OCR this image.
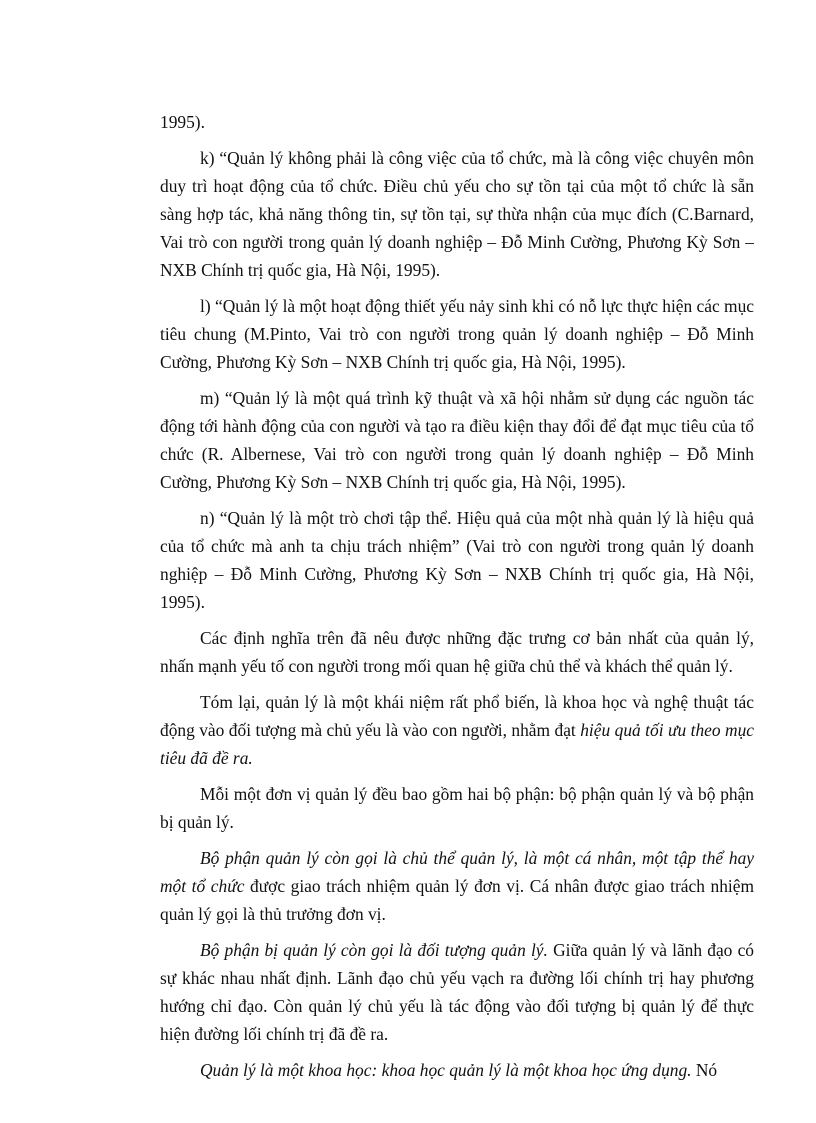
1995).

k) “Quản lý không phải là công việc của tổ chức, mà là công việc chuyên môn duy trì hoạt động của tổ chức. Điều chủ yếu cho sự tồn tại của một tổ chức là sẵn sàng hợp tác, khả năng thông tin, sự tồn tại, sự thừa nhận của mục đích (C.Barnard, Vai trò con người trong quản lý doanh nghiệp – Đỗ Minh Cường, Phương Kỳ Sơn – NXB Chính trị quốc gia, Hà Nội, 1995).

l) “Quản lý là một hoạt động thiết yếu nảy sinh khi có nỗ lực thực hiện các mục tiêu chung (M.Pinto, Vai trò con người trong quản lý doanh nghiệp – Đỗ Minh Cường, Phương Kỳ Sơn – NXB Chính trị quốc gia, Hà Nội, 1995).

m) “Quản lý là một quá trình kỹ thuật và xã hội nhằm sử dụng các nguồn tác động tới hành động của con người và tạo ra điều kiện thay đổi để đạt mục tiêu của tổ chức (R. Albernese, Vai trò con người trong quản lý doanh nghiệp – Đỗ Minh Cường, Phương Kỳ Sơn – NXB Chính trị quốc gia, Hà Nội, 1995).

n) “Quản lý là một trò chơi tập thể. Hiệu quả của một nhà quản lý là hiệu quả của tổ chức mà anh ta chịu trách nhiệm” (Vai trò con người trong quản lý doanh nghiệp – Đỗ Minh Cường, Phương Kỳ Sơn – NXB Chính trị quốc gia, Hà Nội, 1995).

Các định nghĩa trên đã nêu được những đặc trưng cơ bản nhất của quản lý, nhấn mạnh yếu tố con người trong mối quan hệ giữa chủ thể và khách thể quản lý.

Tóm lại, quản lý là một khái niệm rất phổ biến, là khoa học và nghệ thuật tác động vào đối tượng mà chủ yếu là vào con người, nhằm đạt hiệu quả tối ưu theo mục tiêu đã đề ra.

Mỗi một đơn vị quản lý đều bao gồm hai bộ phận: bộ phận quản lý và bộ phận bị quản lý.

Bộ phận quản lý còn gọi là chủ thể quản lý, là một cá nhân, một tập thể hay một tổ chức được giao trách nhiệm quản lý đơn vị. Cá nhân được giao trách nhiệm quản lý gọi là thủ trưởng đơn vị.

Bộ phận bị quản lý còn gọi là đối tượng quản lý. Giữa quản lý và lãnh đạo có sự khác nhau nhất định. Lãnh đạo chủ yếu vạch ra đường lối chính trị hay phương hướng chỉ đạo. Còn quản lý chủ yếu là tác động vào đối tượng bị quản lý để thực hiện đường lối chính trị đã đề ra.

Quản lý là một khoa học: khoa học quản lý là một khoa học ứng dụng. Nó
